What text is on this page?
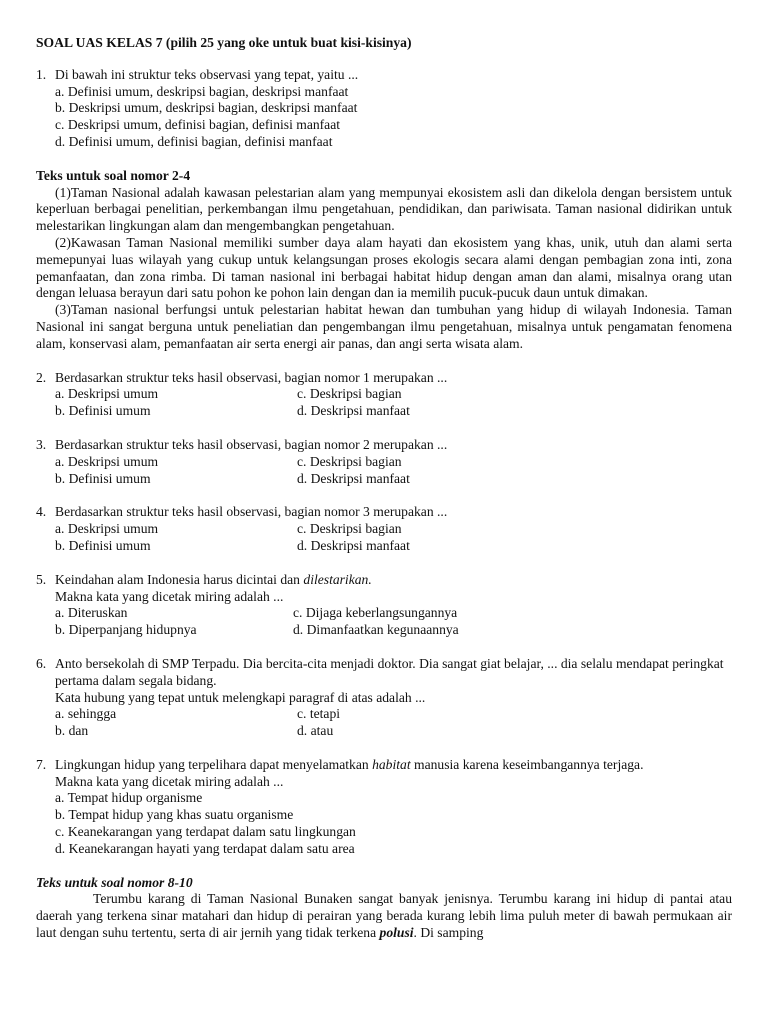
SOAL UAS KELAS 7 (pilih 25 yang oke untuk buat kisi-kisinya)

1. Di bawah ini struktur teks observasi yang tepat, yaitu ...
a. Definisi umum, deskripsi bagian, deskripsi manfaat
b. Deskripsi umum, deskripsi bagian, deskripsi manfaat
c. Deskripsi umum, definisi bagian, definisi manfaat
d. Definisi umum, definisi bagian, definisi manfaat

Teks untuk soal nomor 2-4

(1)Taman Nasional adalah kawasan pelestarian alam yang mempunyai ekosistem asli dan dikelola dengan bersistem untuk keperluan berbagai penelitian, perkembangan ilmu pengetahuan, pendidikan, dan pariwisata. Taman nasional didirikan untuk melestarikan lingkungan alam dan mengembangkan pengetahuan.

(2)Kawasan Taman Nasional memiliki sumber daya alam hayati dan ekosistem yang khas, unik, utuh dan alami serta memepunyai luas wilayah yang cukup untuk kelangsungan proses ekologis secara alami dengan pembagian zona inti, zona pemanfaatan, dan zona rimba. Di taman nasional ini berbagai habitat hidup dengan aman dan alami, misalnya orang utan dengan leluasa berayun dari satu pohon ke pohon lain dengan dan ia memilih pucuk-pucuk daun untuk dimakan.

(3)Taman nasional berfungsi untuk pelestarian habitat hewan dan tumbuhan yang hidup di wilayah Indonesia. Taman Nasional ini sangat berguna untuk peneliatian dan pengembangan ilmu pengetahuan, misalnya untuk pengamatan fenomena alam, konservasi alam, pemanfaatan air serta energi air panas, dan angi serta wisata alam.

2. Berdasarkan struktur teks hasil observasi, bagian nomor 1 merupakan ...
a. Deskripsi umum	c. Deskripsi bagian
b. Definisi umum	d. Deskripsi manfaat
3. Berdasarkan struktur teks hasil observasi, bagian nomor 2 merupakan ...
a. Deskripsi umum	c. Deskripsi bagian
b. Definisi umum	d. Deskripsi manfaat
4. Berdasarkan struktur teks hasil observasi, bagian nomor 3 merupakan ...
a. Deskripsi umum	c. Deskripsi bagian
b. Definisi umum	d. Deskripsi manfaat
5. Keindahan alam Indonesia harus dicintai dan dilestarikan.
Makna kata yang dicetak miring adalah ...
a. Diteruskan	c. Dijaga keberlangsungannya
b. Diperpanjang hidupnya	d. Dimanfaatkan kegunaannya
6. Anto bersekolah di SMP Terpadu. Dia bercita-cita menjadi doktor. Dia sangat giat belajar, ... dia selalu mendapat peringkat pertama dalam segala bidang.
Kata hubung yang tepat untuk melengkapi paragraf di atas adalah ...
a. sehingga	c. tetapi
b. dan	d. atau
7. Lingkungan hidup yang terpelihara dapat menyelamatkan habitat manusia karena keseimbangannya terjaga.
Makna kata yang dicetak miring adalah ...
a. Tempat hidup organisme
b. Tempat hidup yang khas suatu organisme
c. Keanekarangan yang terdapat dalam satu lingkungan
d. Keanekarangan hayati yang terdapat dalam satu area

Teks untuk soal nomor 8-10

Terumbu karang di Taman Nasional Bunaken sangat banyak jenisnya. Terumbu karang ini hidup di pantai atau daerah yang terkena sinar matahari dan hidup di perairan yang berada kurang lebih lima puluh meter di bawah permukaan air laut dengan suhu tertentu, serta di air jernih yang tidak terkena polusi. Di samping
